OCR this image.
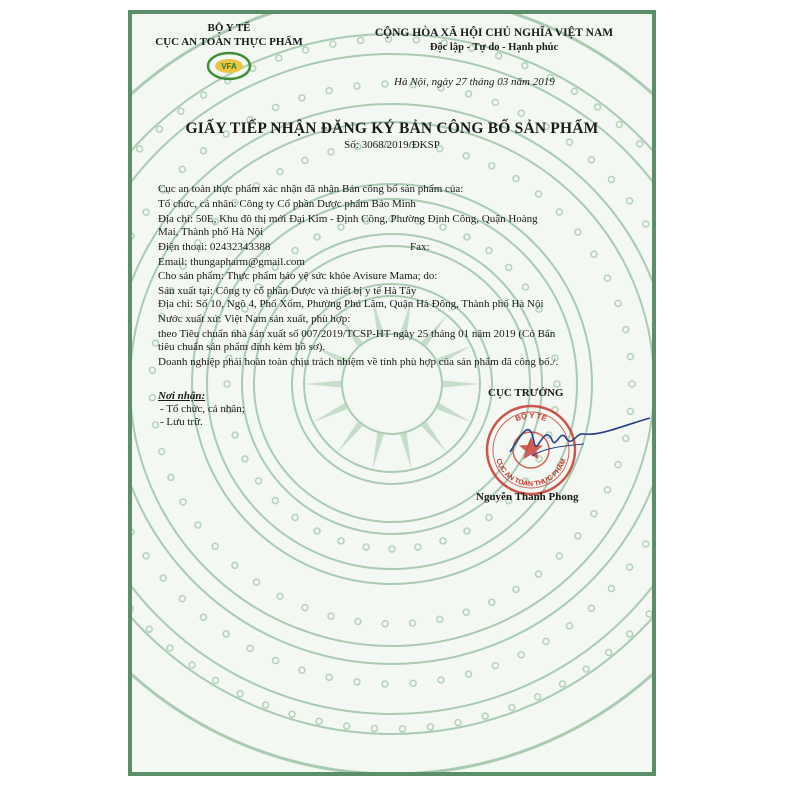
BỘ Y TẾ
CỤC AN TOÀN THỰC PHẨM
VFA
CỘNG HÒA XÃ HỘI CHỦ NGHĨA VIỆT NAM
Độc lập - Tự do - Hạnh phúc
Hà Nội, ngày 27 tháng 03 năm 2019
GIẤY TIẾP NHẬN ĐĂNG KÝ BẢN CÔNG BỐ SẢN PHẨM
Số: 3068/2019/ĐKSP
Cục an toàn thực phẩm xác nhận đã nhận Bản công bố sản phẩm của:
Tổ chức, cá nhân: Công ty Cổ phần Dược phẩm Bảo Minh
Địa chỉ: 50E, Khu đô thị mới Đại Kim - Định Công, Phường Định Công, Quận Hoàng
Mai, Thành phố Hà Nội
Điện thoại: 02432343388	Fax:
Email: thungapharm@gmail.com
Cho sản phẩm: Thực phẩm bảo vệ sức khỏe Avisure Mama; do:
Sản xuất tại: Công ty cổ phần Dược và thiết bị y tế Hà Tây
Địa chỉ: Số 10, Ngõ 4, Phố Xốm, Phường Phú Lãm, Quận Hà Đông, Thành phố Hà Nội
Nước xuất xứ: Việt Nam sản xuất, phù hợp:
theo Tiêu chuẩn nhà sản xuất số 007/2019/TCSP-HT ngày 25 tháng 01 năm 2019 (Có Bản
tiêu chuẩn sản phẩm đính kèm hồ sơ).
Doanh nghiệp phải hoàn toàn chịu trách nhiệm về tính phù hợp của sản phẩm đã công bố./.
Nơi nhận:
- Tổ chức, cá nhân;
- Lưu trữ.
CỤC TRƯỞNG
BỘ Y TẾ
CỤC AN TOÀN THỰC PHẨM
Nguyễn Thanh Phong
